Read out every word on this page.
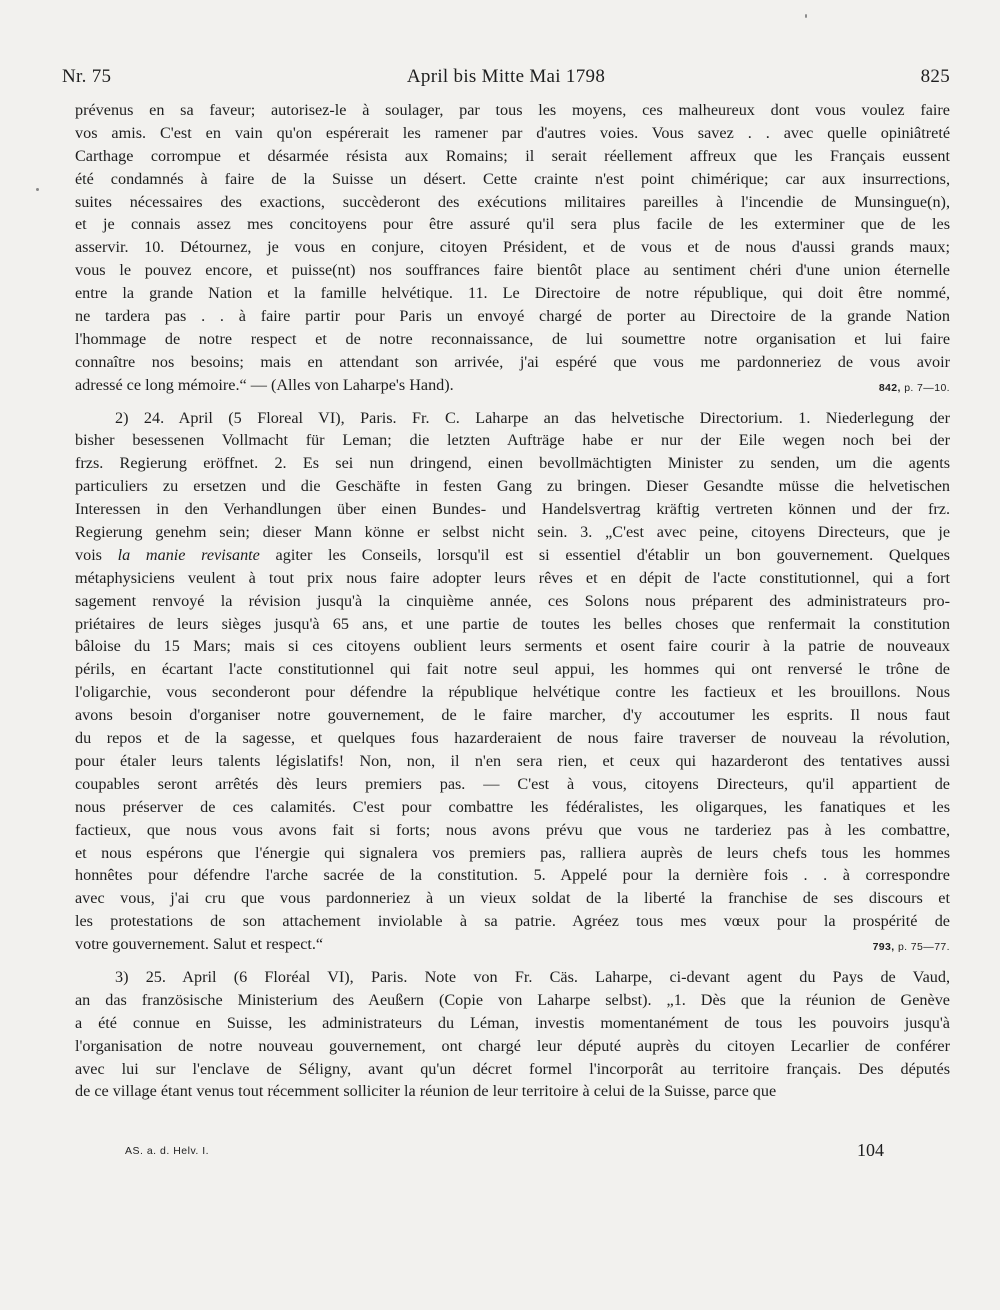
Nr. 75	April bis Mitte Mai 1798	825
prévenus en sa faveur; autorisez-le à soulager, par tous les moyens, ces malheureux dont vous voulez faire
vos amis. C'est en vain qu'on espérerait les ramener par d'autres voies. Vous savez . . avec quelle opiniâtreté
Carthage corrompue et désarmée résista aux Romains; il serait réellement affreux que les Français eussent
été condamnés à faire de la Suisse un désert. Cette crainte n'est point chimérique; car aux insurrections,
suites nécessaires des exactions, succèderont des exécutions militaires pareilles à l'incendie de Munsingue(n),
et je connais assez mes concitoyens pour être assuré qu'il sera plus facile de les exterminer que de les
asservir. 10. Détournez, je vous en conjure, citoyen Président, et de vous et de nous d'aussi grands maux;
vous le pouvez encore, et puisse(nt) nos souffrances faire bientôt place au sentiment chéri d'une union éternelle
entre la grande Nation et la famille helvétique. 11. Le Directoire de notre république, qui doit être nommé,
ne tardera pas . . à faire partir pour Paris un envoyé chargé de porter au Directoire de la grande Nation
l'hommage de notre respect et de notre reconnaissance, de lui soumettre notre organisation et lui faire
connaître nos besoins; mais en attendant son arrivée, j'ai espéré que vous me pardonneriez de vous avoir
842, p. 7—10.
adressé ce long mémoire.“ — (Alles von Laharpe's Hand).
2) 24. April (5 Floreal VI), Paris. Fr. C. Laharpe an das helvetische Directorium. 1. Niederlegung der
bisher besessenen Vollmacht für Leman; die letzten Aufträge habe er nur der Eile wegen noch bei der
frzs. Regierung eröffnet. 2. Es sei nun dringend, einen bevollmächtigten Minister zu senden, um die agents
particuliers zu ersetzen und die Geschäfte in festen Gang zu bringen. Dieser Gesandte müsse die helvetischen
Interessen in den Verhandlungen über einen Bundes- und Handelsvertrag kräftig vertreten können und der frz.
Regierung genehm sein; dieser Mann könne er selbst nicht sein. 3. „C'est avec peine, citoyens Directeurs, que je
vois la manie revisante agiter les Conseils, lorsqu'il est si essentiel d'établir un bon gouvernement. Quelques
métaphysiciens veulent à tout prix nous faire adopter leurs rêves et en dépit de l'acte constitutionnel, qui a fort
sagement renvoyé la révision jusqu'à la cinquième année, ces Solons nous préparent des administrateurs pro-
priétaires de leurs sièges jusqu'à 65 ans, et une partie de toutes les belles choses que renfermait la constitution
bâloise du 15 Mars; mais si ces citoyens oublient leurs serments et osent faire courir à la patrie de nouveaux
périls, en écartant l'acte constitutionnel qui fait notre seul appui, les hommes qui ont renversé le trône de
l'oligarchie, vous seconderont pour défendre la république helvétique contre les factieux et les brouillons. Nous
avons besoin d'organiser notre gouvernement, de le faire marcher, d'y accoutumer les esprits. Il nous faut
du repos et de la sagesse, et quelques fous hazarderaient de nous faire traverser de nouveau la révolution,
pour étaler leurs talents législatifs! Non, non, il n'en sera rien, et ceux qui hazarderont des tentatives aussi
coupables seront arrêtés dès leurs premiers pas. — C'est à vous, citoyens Directeurs, qu'il appartient de
nous préserver de ces calamités. C'est pour combattre les fédéralistes, les oligarques, les fanatiques et les
factieux, que nous vous avons fait si forts; nous avons prévu que vous ne tarderiez pas à les combattre,
et nous espérons que l'énergie qui signalera vos premiers pas, ralliera auprès de leurs chefs tous les hommes
honnêtes pour défendre l'arche sacrée de la constitution. 5. Appelé pour la dernière fois . . à correspondre
avec vous, j'ai cru que vous pardonneriez à un vieux soldat de la liberté la franchise de ses discours et
les protestations de son attachement inviolable à sa patrie. Agréez tous mes vœux pour la prospérité de
793, p. 75—77.
votre gouvernement. Salut et respect.“
3) 25. April (6 Floréal VI), Paris. Note von Fr. Cäs. Laharpe, ci-devant agent du Pays de Vaud,
an das französische Ministerium des Aeußern (Copie von Laharpe selbst). „1. Dès que la réunion de Genève
a été connue en Suisse, les administrateurs du Léman, investis momentanément de tous les pouvoirs jusqu'à
l'organisation de notre nouveau gouvernement, ont chargé leur député auprès du citoyen Lecarlier de conférer
avec lui sur l'enclave de Séligny, avant qu'un décret formel l'incorporât au territoire français. Des députés
de ce village étant venus tout récemment solliciter la réunion de leur territoire à celui de la Suisse, parce que
AS. a. d. Helv. I.	104
